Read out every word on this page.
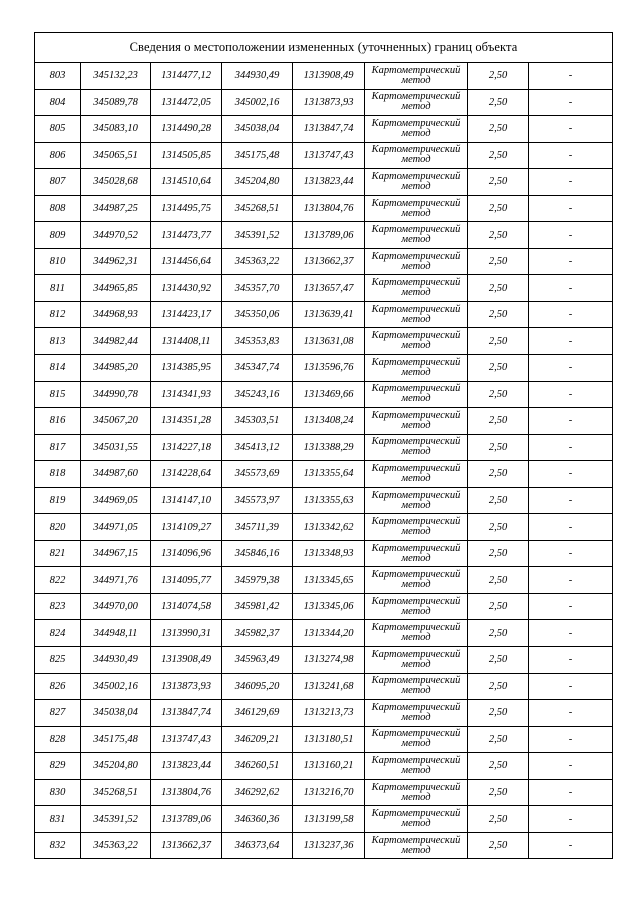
Сведения о местоположении измененных (уточненных) границ объекта							
803	345132,23	1314477,12	344930,49	1313908,49	Картометрический метод	2,50	-
804	345089,78	1314472,05	345002,16	1313873,93	Картометрический метод	2,50	-
805	345083,10	1314490,28	345038,04	1313847,74	Картометрический метод	2,50	-
806	345065,51	1314505,85	345175,48	1313747,43	Картометрический метод	2,50	-
807	345028,68	1314510,64	345204,80	1313823,44	Картометрический метод	2,50	-
808	344987,25	1314495,75	345268,51	1313804,76	Картометрический метод	2,50	-
809	344970,52	1314473,77	345391,52	1313789,06	Картометрический метод	2,50	-
810	344962,31	1314456,64	345363,22	1313662,37	Картометрический метод	2,50	-
811	344965,85	1314430,92	345357,70	1313657,47	Картометрический метод	2,50	-
812	344968,93	1314423,17	345350,06	1313639,41	Картометрический метод	2,50	-
813	344982,44	1314408,11	345353,83	1313631,08	Картометрический метод	2,50	-
814	344985,20	1314385,95	345347,74	1313596,76	Картометрический метод	2,50	-
815	344990,78	1314341,93	345243,16	1313469,66	Картометрический метод	2,50	-
816	345067,20	1314351,28	345303,51	1313408,24	Картометрический метод	2,50	-
817	345031,55	1314227,18	345413,12	1313388,29	Картометрический метод	2,50	-
818	344987,60	1314228,64	345573,69	1313355,64	Картометрический метод	2,50	-
819	344969,05	1314147,10	345573,97	1313355,63	Картометрический метод	2,50	-
820	344971,05	1314109,27	345711,39	1313342,62	Картометрический метод	2,50	-
821	344967,15	1314096,96	345846,16	1313348,93	Картометрический метод	2,50	-
822	344971,76	1314095,77	345979,38	1313345,65	Картометрический метод	2,50	-
823	344970,00	1314074,58	345981,42	1313345,06	Картометрический метод	2,50	-
824	344948,11	1313990,31	345982,37	1313344,20	Картометрический метод	2,50	-
825	344930,49	1313908,49	345963,49	1313274,98	Картометрический метод	2,50	-
826	345002,16	1313873,93	346095,20	1313241,68	Картометрический метод	2,50	-
827	345038,04	1313847,74	346129,69	1313213,73	Картометрический метод	2,50	-
828	345175,48	1313747,43	346209,21	1313180,51	Картометрический метод	2,50	-
829	345204,80	1313823,44	346260,51	1313160,21	Картометрический метод	2,50	-
830	345268,51	1313804,76	346292,62	1313216,70	Картометрический метод	2,50	-
831	345391,52	1313789,06	346360,36	1313199,58	Картометрический метод	2,50	-
832	345363,22	1313662,37	346373,64	1313237,36	Картометрический метод	2,50	-
